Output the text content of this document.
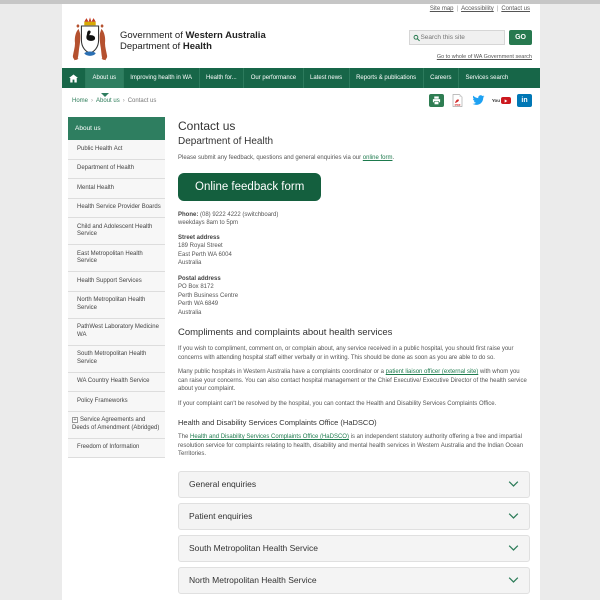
Site map | Accessibility | Contact us
Government of Western Australia
Department of Health
Search this site
GO
Go to whole of WA Government search
About us	Improving health in WA	Health for...	Our performance	Latest news	Reports & publications	Careers	Services search
Home › About us › Contact us
PDF
You	in
About us
Public Health Act
Department of Health
Mental Health
Health Service Provider Boards
Child and Adolescent Health Service
East Metropolitan Health Service
Health Support Services
North Metropolitan Health Service
PathWest Laboratory Medicine WA
South Metropolitan Health Service
WA Country Health Service
Policy Frameworks
+ Service Agreements and Deeds of Amendment (Abridged)
Freedom of Information
Contact us
Department of Health

Please submit any feedback, questions and general enquiries via our online form.

Online feedback form

Phone: (08) 9222 4222 (switchboard)
weekdays 8am to 5pm

Street address
189 Royal Street
East Perth WA 6004
Australia

Postal address
PO Box 8172
Perth Business Centre
Perth WA 6849
Australia

Compliments and complaints about health services

If you wish to compliment, comment on, or complain about, any service received in a public hospital, you should first raise your concerns with attending hospital staff either verbally or in writing. This should be done as soon as you are able to do so.

Many public hospitals in Western Australia have a complaints coordinator or a patient liaison officer (external site) with whom you can raise your concerns. You can also contact hospital management or the Chief Executive/ Executive Director of the health service about your complaint.

If your complaint can't be resolved by the hospital, you can contact the Health and Disability Services Complaints Office.

Health and Disability Services Complaints Office (HaDSCO)

The Health and Disability Services Complaints Office (HaDSCO) is an independent statutory authority offering a free and impartial resolution service for complaints relating to health, disability and mental health services in Western Australia and the Indian Ocean Territories.

General enquiries
Patient enquiries
South Metropolitan Health Service
North Metropolitan Health Service
